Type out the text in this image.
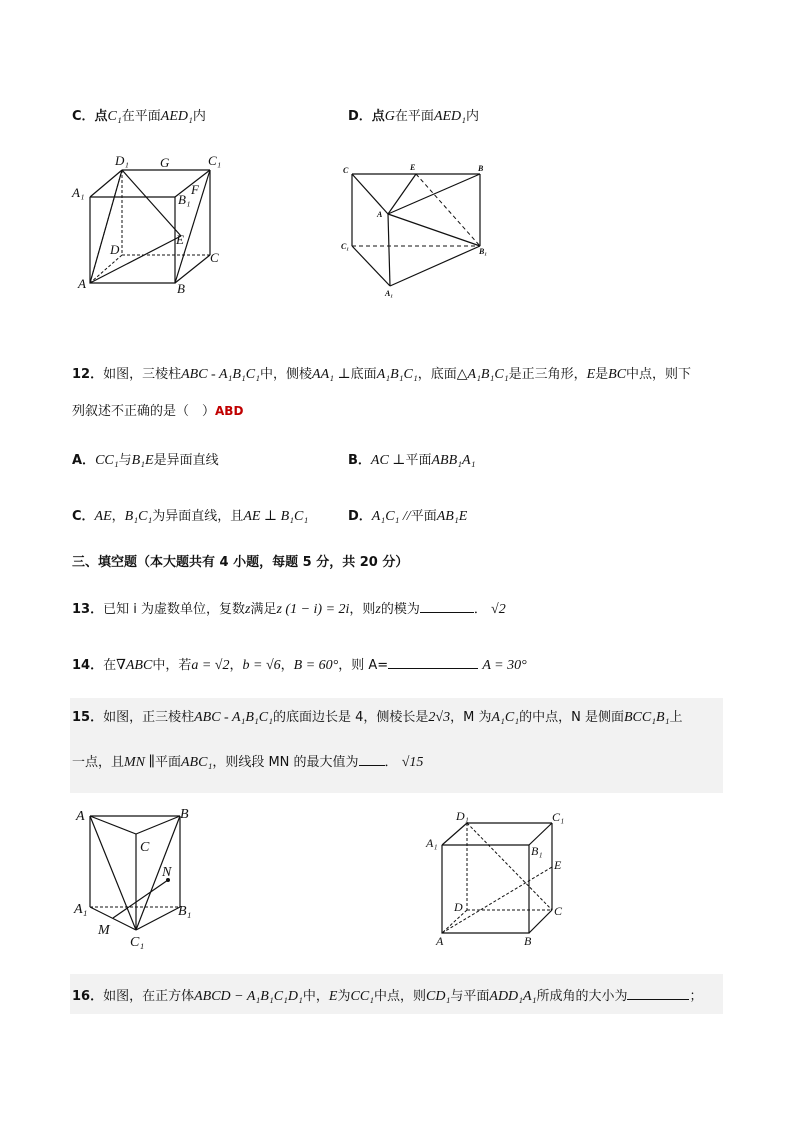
C．点C₁在平面AED₁内	D．点G在平面AED₁内
D₁ G	C₁
A₁	B₁
F
E
D
C
A	B
C	E	B
A
C₁
B₁
A₁
12．如图，三棱柱ABC - A₁B₁C₁中，侧棱AA₁ ⊥底面A₁B₁C₁，底面△A₁B₁C₁是正三角形，E是BC中点，则下
列叙述不正确的是（　）ABD
A．CC₁与B₁E是异面直线	B．AC ⊥平面ABB₁A₁
C．AE，B₁C₁为异面直线，且AE ⊥ B₁C₁	D．A₁C₁ //平面AB₁E
三、填空题（本大题共有 4 小题，每题 5 分，共 20 分）
13．已知 i 为虚数单位，复数z满足z (1 − i) = 2i，则z的模为	． √2
14．在∇ABC中，若a = √2，b = √6，B = 60°，则 A=	A = 30°
15．如图，正三棱柱ABC - A₁B₁C₁的底面边长是 4，侧棱长是2√3，M 为A₁C₁的中点，N 是侧面BCC₁B₁上
一点，且MN ∥平面ABC₁，则线段 MN 的最大值为 ． √15
A	B
C
N
A₁	B₁
M
C₁
D₁	C₁
A₁
B₁
E
D	C
A	B
16．如图，在正方体ABCD − A₁B₁C₁D₁中，E为CC₁中点，则CD₁与平面ADD₁A₁所成角的大小为	；
